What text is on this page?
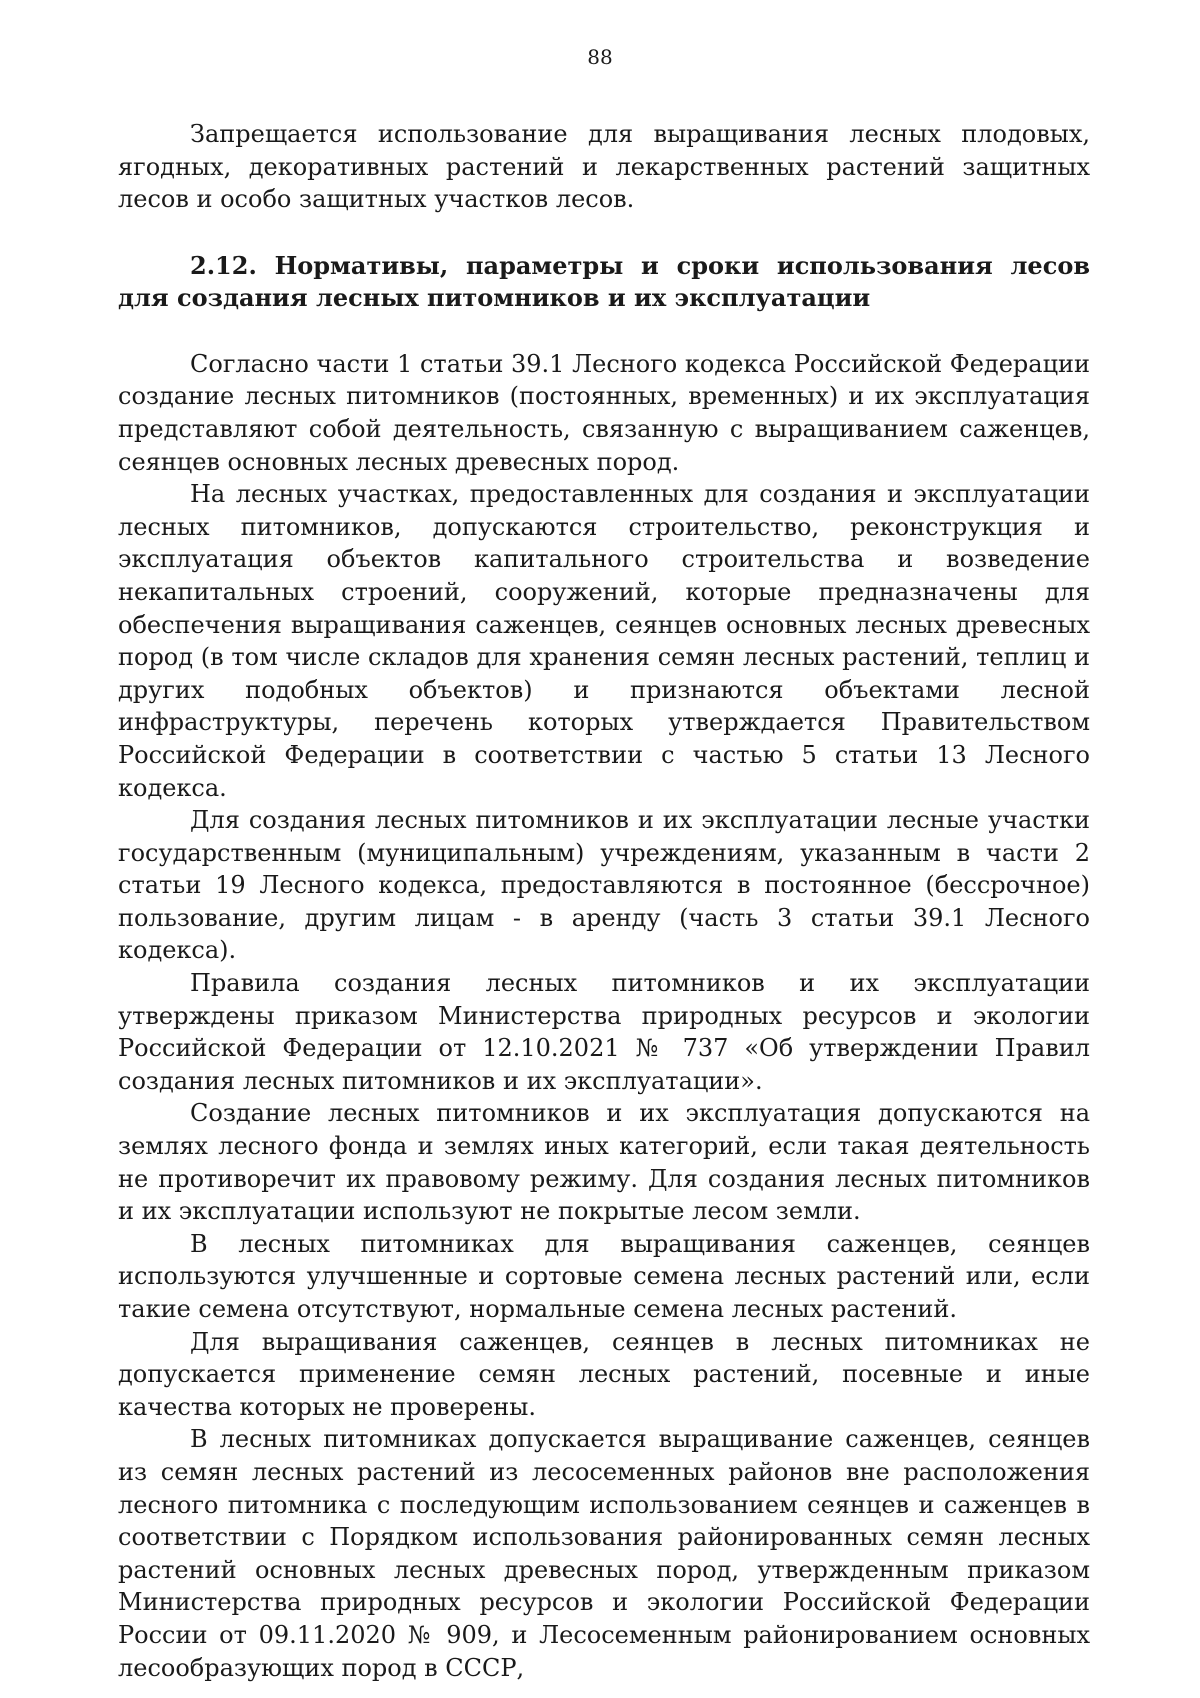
88

Запрещается использование для выращивания лесных плодовых, ягодных, декоративных растений и лекарственных растений защитных лесов и особо защитных участков лесов.

2.12. Нормативы, параметры и сроки использования лесов для создания лесных питомников и их эксплуатации

Согласно части 1 статьи 39.1 Лесного кодекса Российской Федерации создание лесных питомников (постоянных, временных) и их эксплуатация представляют собой деятельность, связанную с выращиванием саженцев, сеянцев основных лесных древесных пород.

На лесных участках, предоставленных для создания и эксплуатации лесных питомников, допускаются строительство, реконструкция и эксплуатация объектов капитального строительства и возведение некапитальных строений, сооружений, которые предназначены для обеспечения выращивания саженцев, сеянцев основных лесных древесных пород (в том числе складов для хранения семян лесных растений, теплиц и других подобных объектов) и признаются объектами лесной инфраструктуры, перечень которых утверждается Правительством Российской Федерации в соответствии с частью 5 статьи 13 Лесного кодекса.

Для создания лесных питомников и их эксплуатации лесные участки государственным (муниципальным) учреждениям, указанным в части 2 статьи 19 Лесного кодекса, предоставляются в постоянное (бессрочное) пользование, другим лицам - в аренду (часть 3 статьи 39.1 Лесного кодекса).

Правила создания лесных питомников и их эксплуатации утверждены приказом Министерства природных ресурсов и экологии Российской Федерации от 12.10.2021 № 737 «Об утверждении Правил создания лесных питомников и их эксплуатации».

Создание лесных питомников и их эксплуатация допускаются на землях лесного фонда и землях иных категорий, если такая деятельность не противоречит их правовому режиму. Для создания лесных питомников и их эксплуатации используют не покрытые лесом земли.

В лесных питомниках для выращивания саженцев, сеянцев используются улучшенные и сортовые семена лесных растений или, если такие семена отсутствуют, нормальные семена лесных растений.

Для выращивания саженцев, сеянцев в лесных питомниках не допускается применение семян лесных растений, посевные и иные качества которых не проверены.

В лесных питомниках допускается выращивание саженцев, сеянцев из семян лесных растений из лесосеменных районов вне расположения лесного питомника с последующим использованием сеянцев и саженцев в соответствии с Порядком использования районированных семян лесных растений основных лесных древесных пород, утвержденным приказом Министерства природных ресурсов и экологии Российской Федерации России от 09.11.2020 № 909, и Лесосеменным районированием основных лесообразующих пород в СССР,
